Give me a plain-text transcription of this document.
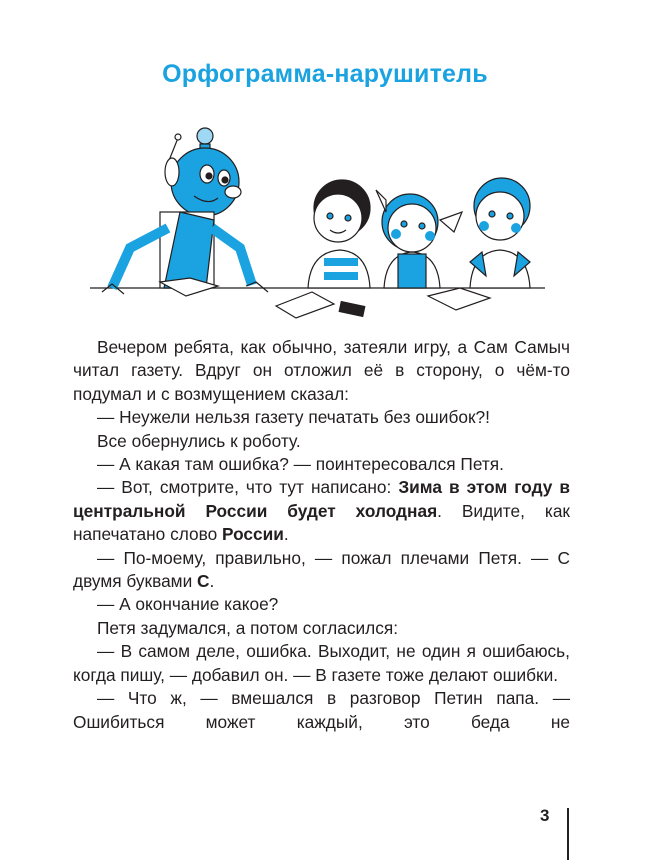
Орфограмма-нарушитель

Вечером ребята, как обычно, затеяли игру, а Сам Самыч читал газету. Вдруг он отложил её в сторону, о чём-то подумал и с возмущением сказал:

— Неужели нельзя газету печатать без ошибок?!

Все обернулись к роботу.

— А какая там ошибка? — поинтересовался Петя.

— Вот, смотрите, что тут написано: Зима в этом году в центральной России будет холодная. Видите, как напечатано слово России.

— По-моему, правильно, — пожал плечами Петя. — С двумя буквами С.

— А окончание какое?

Петя задумался, а потом согласился:

— В самом деле, ошибка. Выходит, не один я ошибаюсь, когда пишу, — добавил он. — В газете тоже делают ошибки.

— Что ж, — вмешался в разговор Петин папа. — Ошибиться может каждый, это беда не

3
